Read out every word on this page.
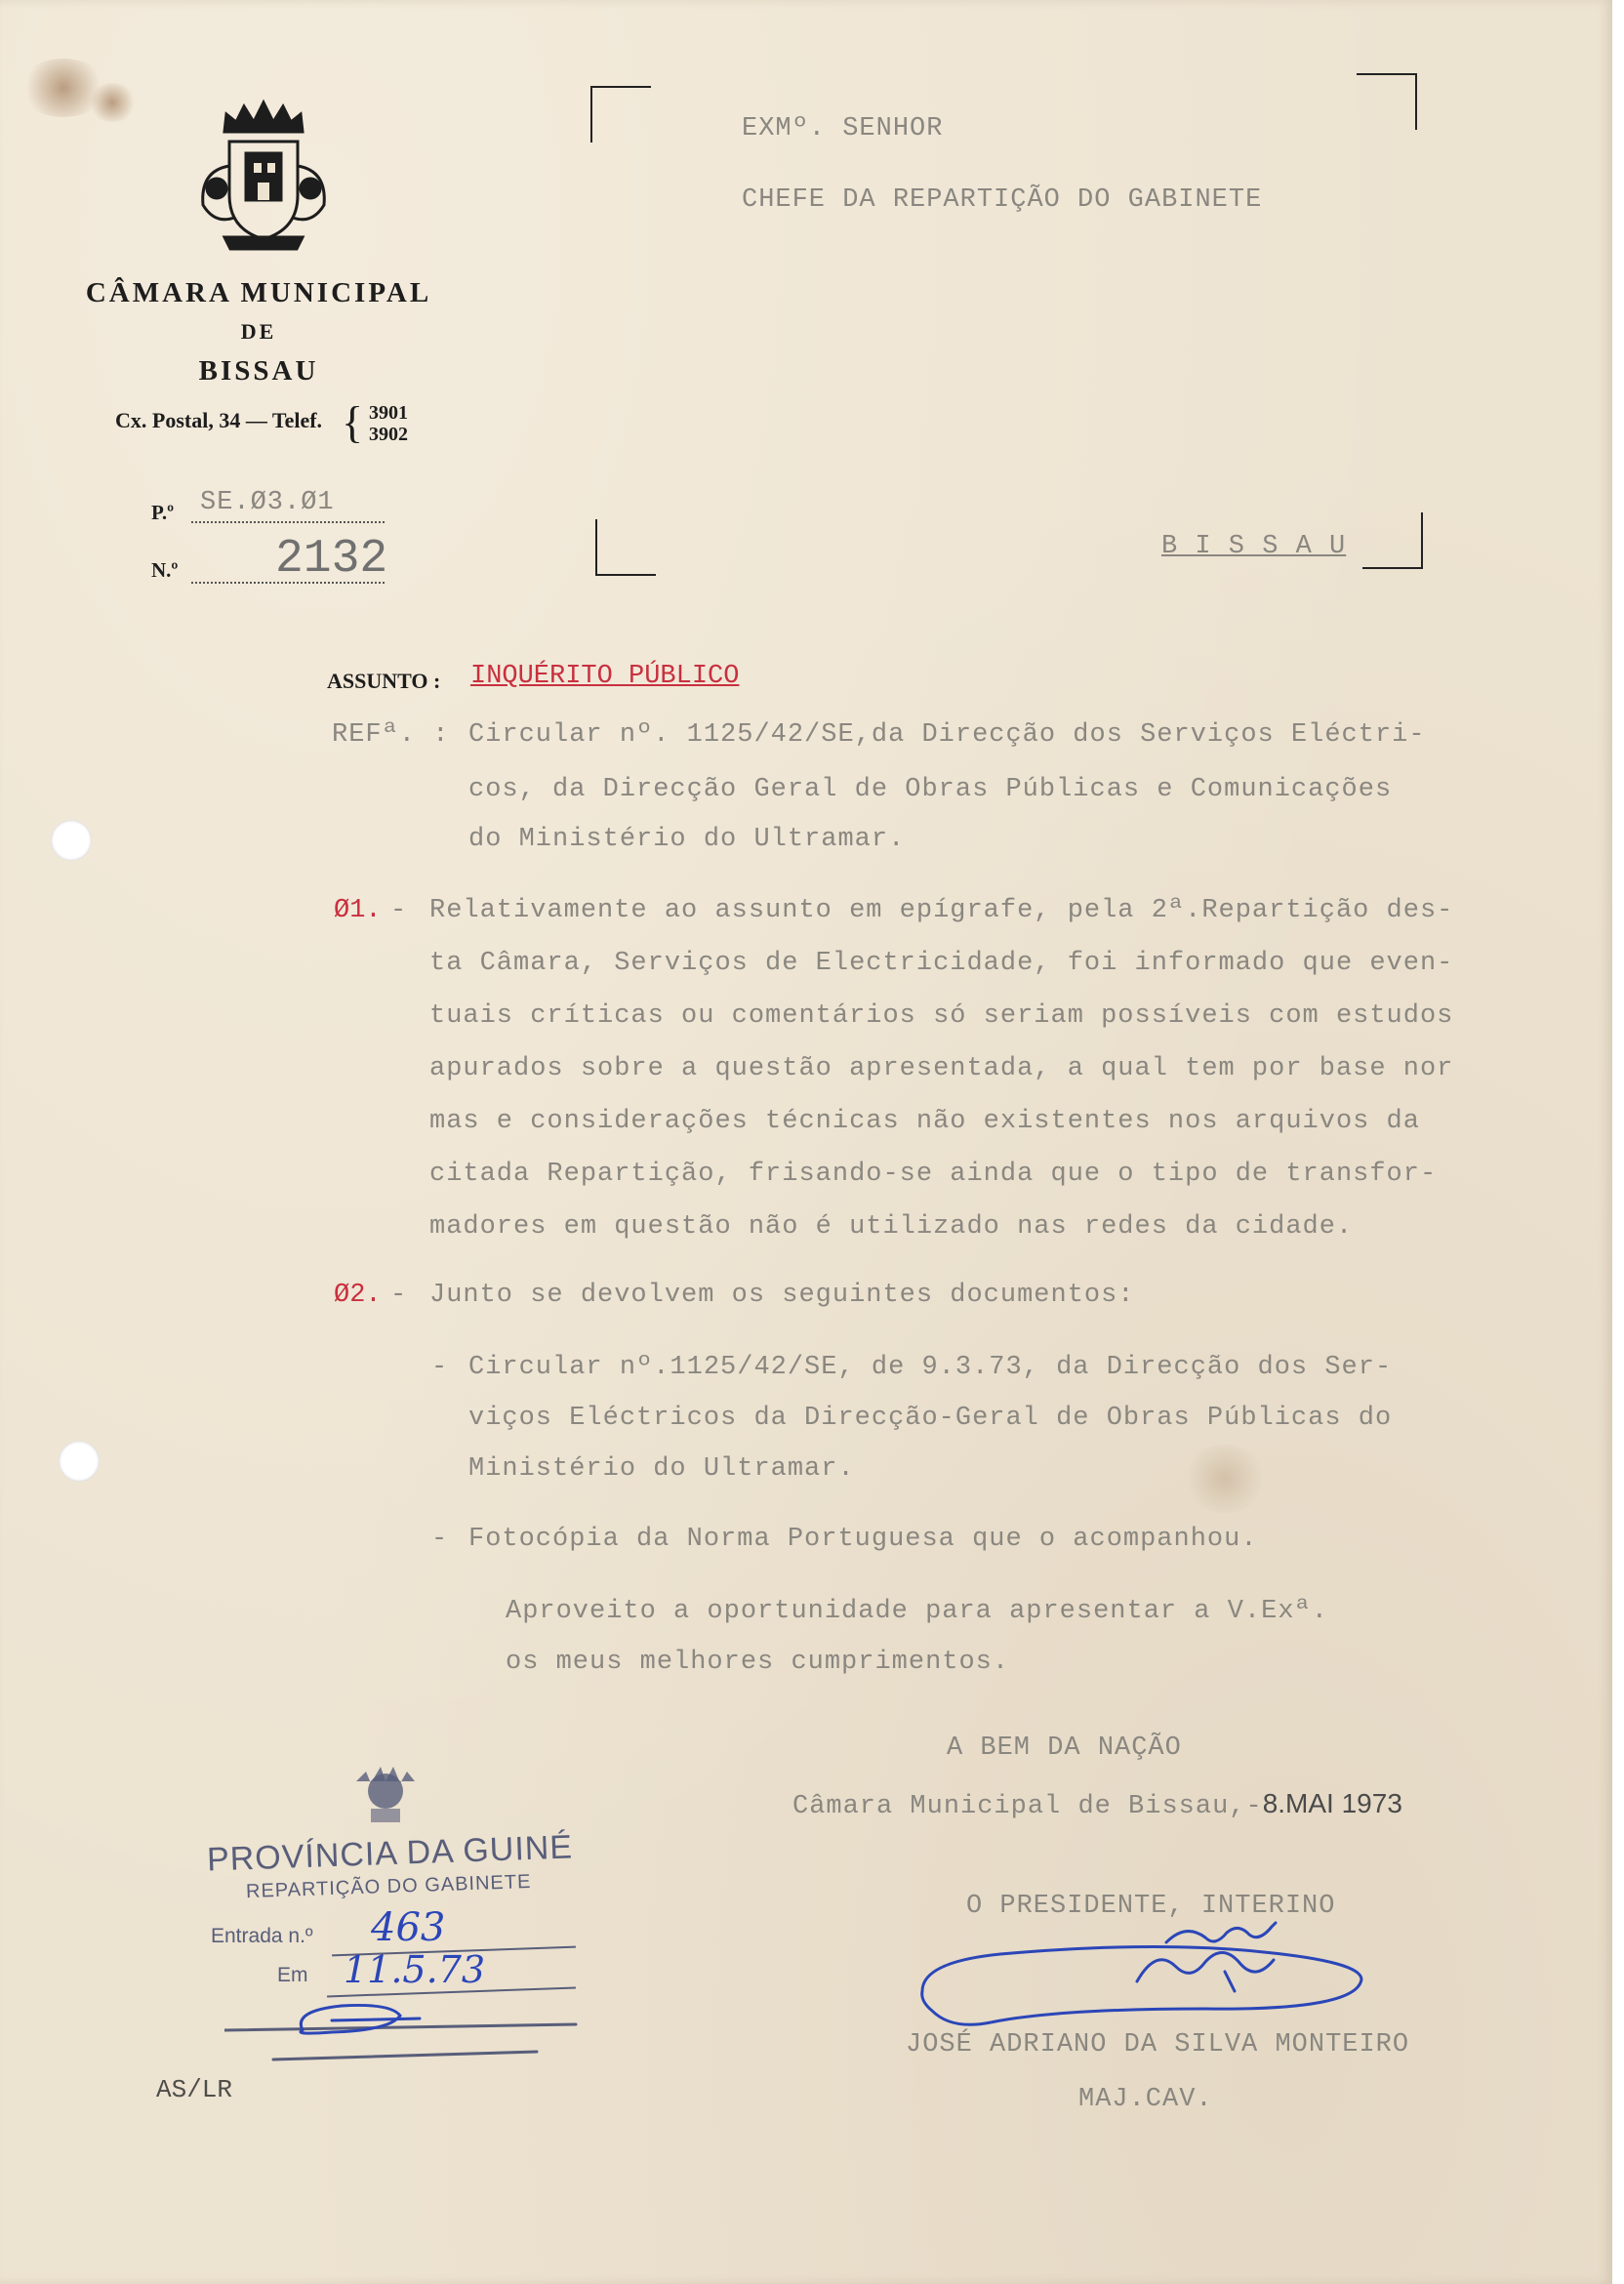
CÂMARA MUNICIPAL
DE
BISSAU
Cx. Postal, 34 — Telef. { 3901
3902
P.º SE.Ø3.Ø1
N.º 2132
EXMº. SENHOR
CHEFE DA REPARTIÇÃO DO GABINETE
B I S S A U
ASSUNTO : INQUÉRITO PÚBLICO
REFª. : Circular nº. 1125/42/SE,da Direcção dos Serviços Eléctri-
cos, da Direcção Geral de Obras Públicas e Comunicações
do Ministério do Ultramar.
Ø1. - Relativamente ao assunto em epígrafe, pela 2ª.Repartição des-
ta Câmara, Serviços de Electricidade, foi informado que even-
tuais críticas ou comentários só seriam possíveis com estudos
apurados sobre a questão apresentada, a qual tem por base nor
mas e considerações técnicas não existentes nos arquivos da
citada Repartição, frisando-se ainda que o tipo de transfor-
madores em questão não é utilizado nas redes da cidade.
Ø2. - Junto se devolvem os seguintes documentos:
- Circular nº.1125/42/SE, de 9.3.73, da Direcção dos Ser-
viços Eléctricos da Direcção-Geral de Obras Públicas do
Ministério do Ultramar.
- Fotocópia da Norma Portuguesa que o acompanhou.
Aproveito a oportunidade para apresentar a V.Exª.
os meus melhores cumprimentos.
A BEM DA NAÇÃO
Câmara Municipal de Bissau,-8.MAI 1973
O PRESIDENTE, INTERINO
JOSÉ ADRIANO DA SILVA MONTEIRO
MAJ.CAV.
PROVÍNCIA DA GUINÉ
REPARTIÇÃO DO GABINETE
Entrada n.º 463
Em 11.5.73
AS/LR
